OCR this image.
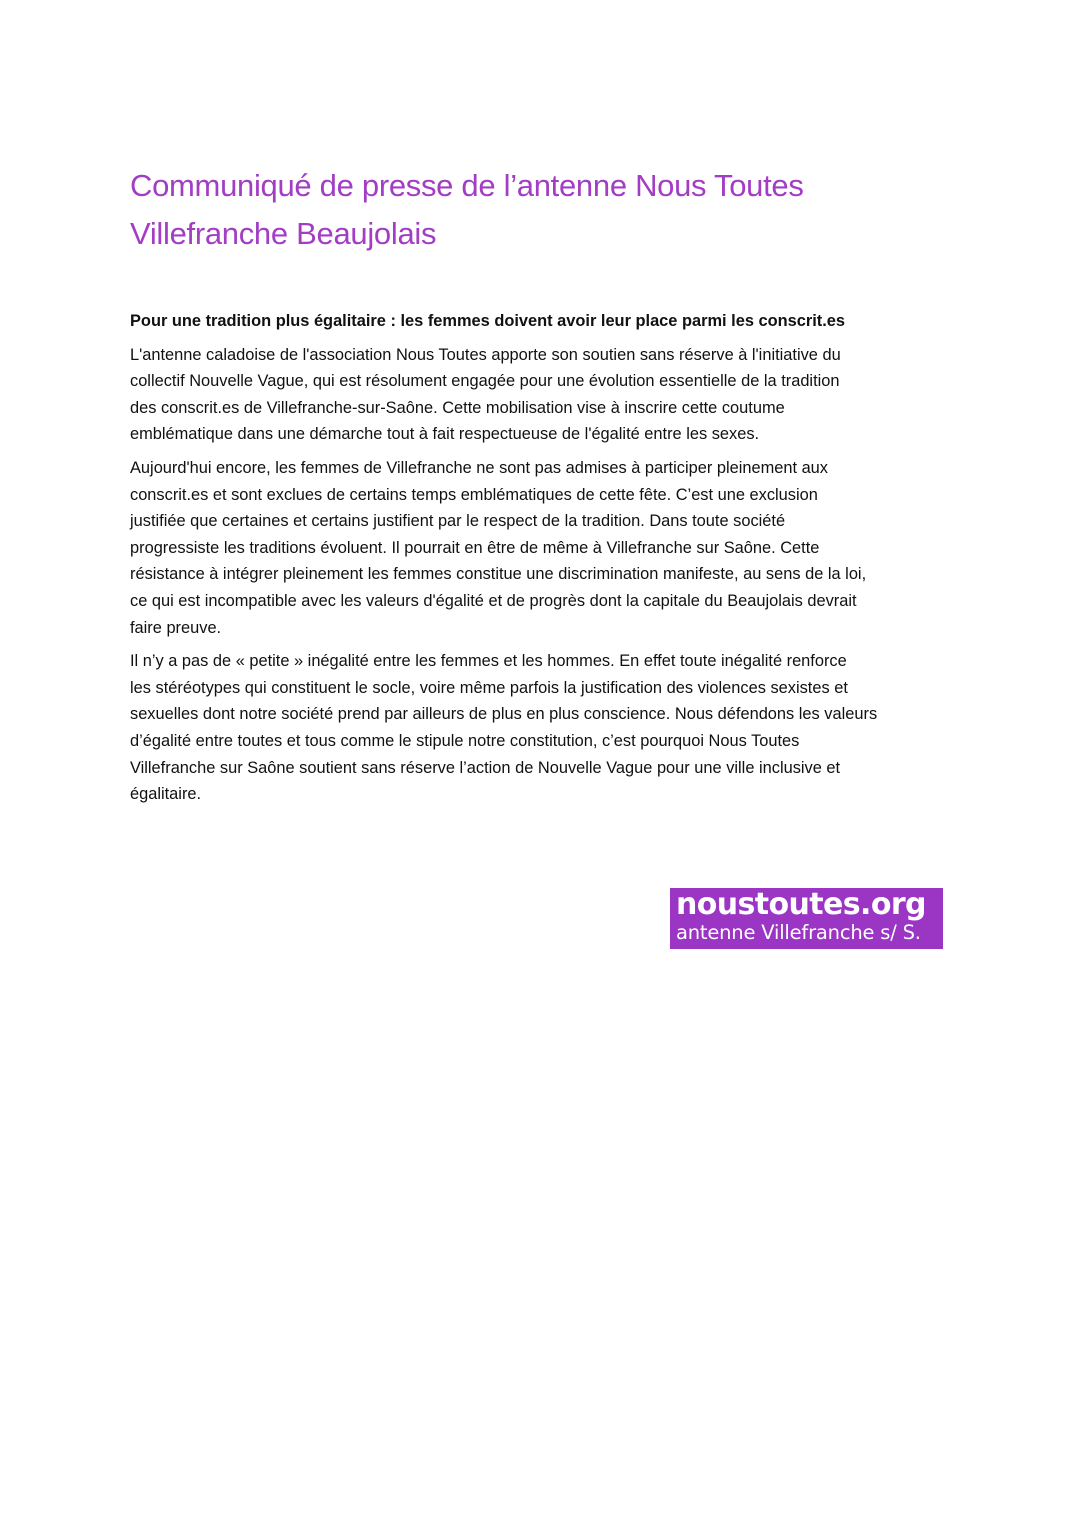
Communiqué de presse de l’antenne Nous Toutes
Villefranche Beaujolais

Pour une tradition plus égalitaire : les femmes doivent avoir leur place parmi les conscrit.es

L'antenne caladoise de l'association Nous Toutes apporte son soutien sans réserve à l'initiative du
collectif Nouvelle Vague, qui est résolument engagée pour une évolution essentielle de la tradition
des conscrit.es de Villefranche-sur-Saône. Cette mobilisation vise à inscrire cette coutume
emblématique dans une démarche tout à fait respectueuse de l'égalité entre les sexes.

Aujourd'hui encore, les femmes de Villefranche ne sont pas admises à participer pleinement aux
conscrit.es et sont exclues de certains temps emblématiques de cette fête. C’est une exclusion
justifiée que certaines et certains justifient par le respect de la tradition. Dans toute société
progressiste les traditions évoluent. Il pourrait en être de même à Villefranche sur Saône. Cette
résistance à intégrer pleinement les femmes constitue une discrimination manifeste, au sens de la loi,
ce qui est incompatible avec les valeurs d'égalité et de progrès dont la capitale du Beaujolais devrait
faire preuve.

Il n’y a pas de « petite » inégalité entre les femmes et les hommes. En effet toute inégalité renforce
les stéréotypes qui constituent le socle, voire même parfois la justification des violences sexistes et
sexuelles dont notre société prend par ailleurs de plus en plus conscience. Nous défendons les valeurs
d’égalité entre toutes et tous comme le stipule notre constitution, c’est pourquoi Nous Toutes
Villefranche sur Saône soutient sans réserve l’action de Nouvelle Vague pour une ville inclusive et
égalitaire.

noustoutes.org
antenne Villefranche s/ S.
